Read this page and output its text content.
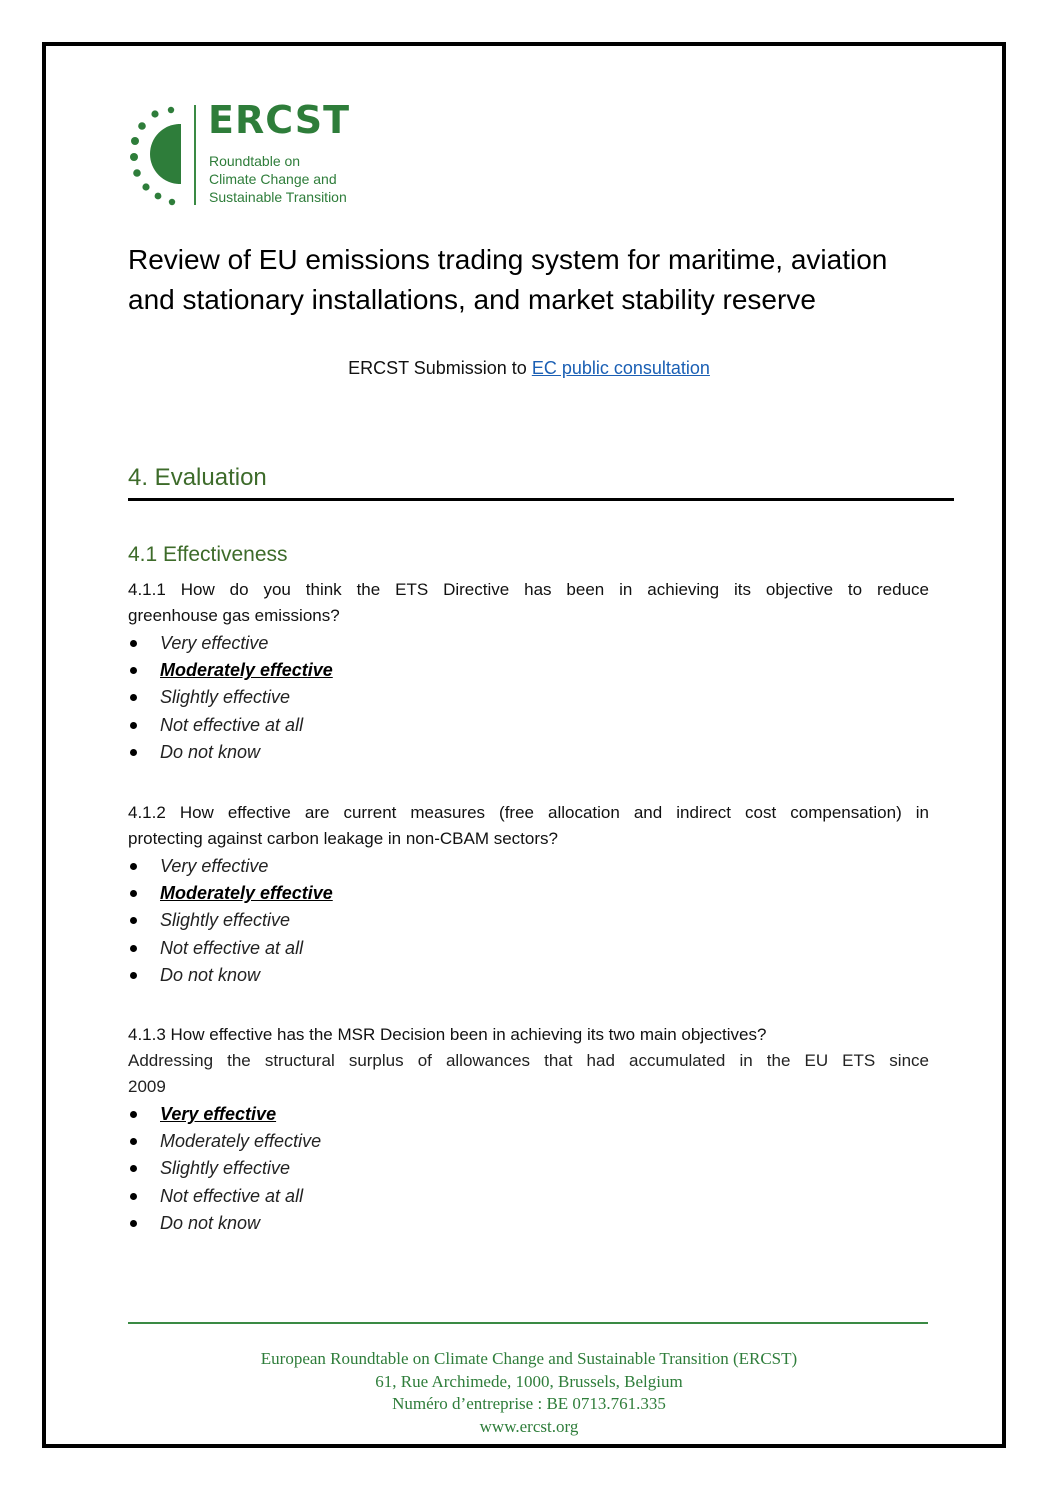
ERCST
Roundtable on
Climate Change and
Sustainable Transition
Review of EU emissions trading system for maritime, aviation
and stationary installations, and market stability reserve
ERCST Submission to EC public consultation
4. Evaluation
4.1 Effectiveness
4.1.1 How do you think the ETS Directive has been in achieving its objective to reduce
greenhouse gas emissions?
Very effective
Moderately effective
Slightly effective
Not effective at all
Do not know
4.1.2 How effective are current measures (free allocation and indirect cost compensation) in
protecting against carbon leakage in non-CBAM sectors?
Very effective
Moderately effective
Slightly effective
Not effective at all
Do not know
4.1.3 How effective has the MSR Decision been in achieving its two main objectives?
Addressing the structural surplus of allowances that had accumulated in the EU ETS since
2009
Very effective
Moderately effective
Slightly effective
Not effective at all
Do not know
European Roundtable on Climate Change and Sustainable Transition (ERCST)
61, Rue Archimede, 1000, Brussels, Belgium
Numéro d’entreprise : BE 0713.761.335
www.ercst.org
